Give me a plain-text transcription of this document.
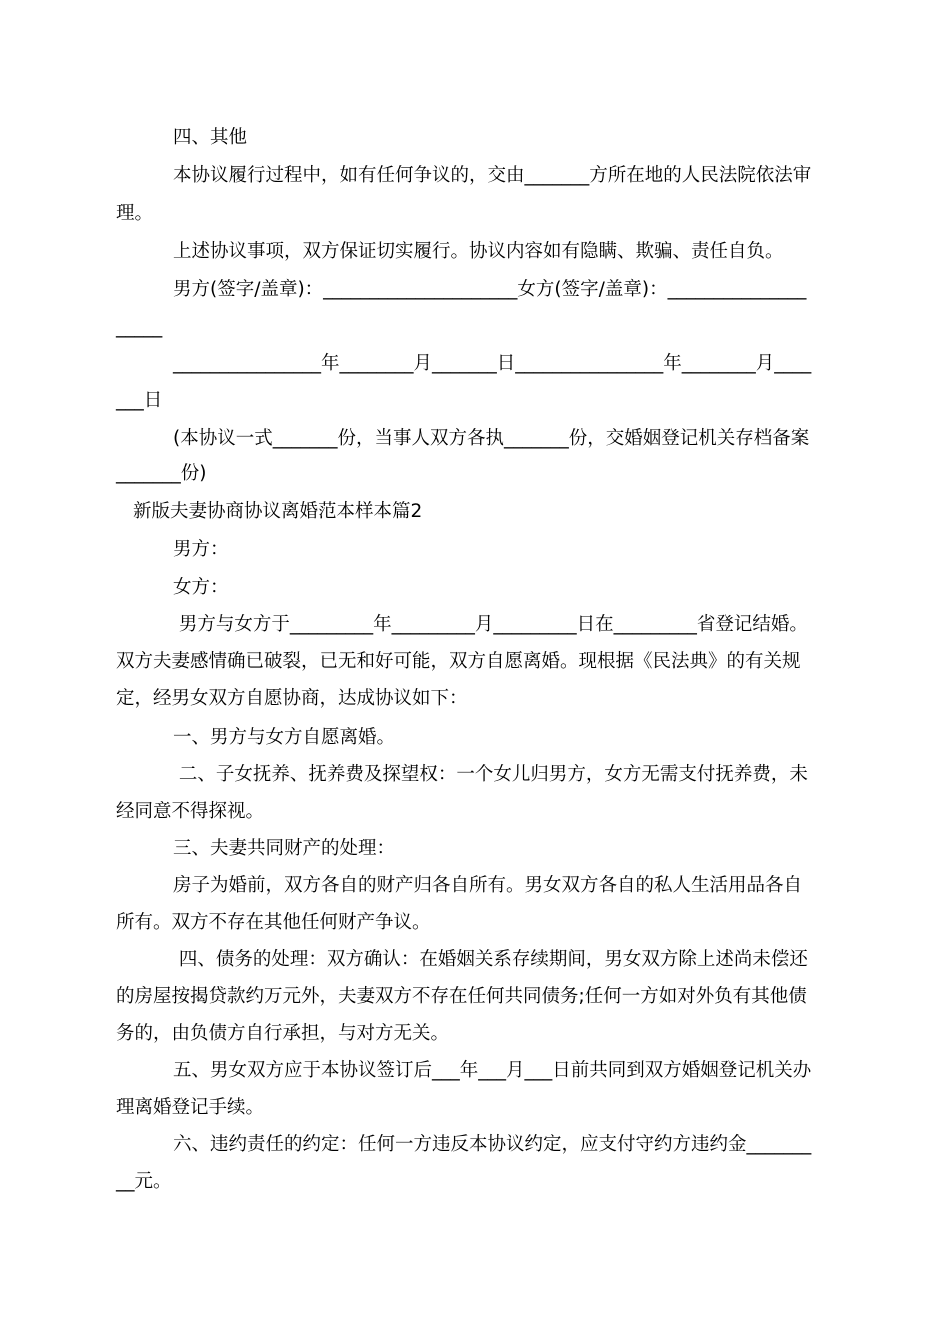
四、其他

本协议履行过程中，如有任何争议的，交由_______方所在地的人民法院依法审

理。

上述协议事项，双方保证切实履行。协议内容如有隐瞒、欺骗、责任自负。

男方(签字/盖章)：_____________________女方(签字/盖章)：_______________

_____

________________年________月_______日________________年________月____

___日

(本协议一式_______份，当事人双方各执_______份，交婚姻登记机关存档备案

_______份)

新版夫妻协商协议离婚范本样本篇2

男方：

女方：

男方与女方于_________年_________月_________日在_________省登记结婚。

双方夫妻感情确已破裂，已无和好可能，双方自愿离婚。现根据《民法典》的有关规

定，经男女双方自愿协商，达成协议如下：

一、男方与女方自愿离婚。

二、子女抚养、抚养费及探望权：一个女儿归男方，女方无需支付抚养费，未

经同意不得探视。

三、夫妻共同财产的处理：

房子为婚前，双方各自的财产归各自所有。男女双方各自的私人生活用品各自

所有。双方不存在其他任何财产争议。

四、债务的处理：双方确认：在婚姻关系存续期间，男女双方除上述尚未偿还

的房屋按揭贷款约万元外，夫妻双方不存在任何共同债务;任何一方如对外负有其他债

务的，由负债方自行承担，与对方无关。

五、男女双方应于本协议签订后___年___月___日前共同到双方婚姻登记机关办

理离婚登记手续。

六、违约责任的约定：任何一方违反本协议约定，应支付守约方违约金_______

__元。
